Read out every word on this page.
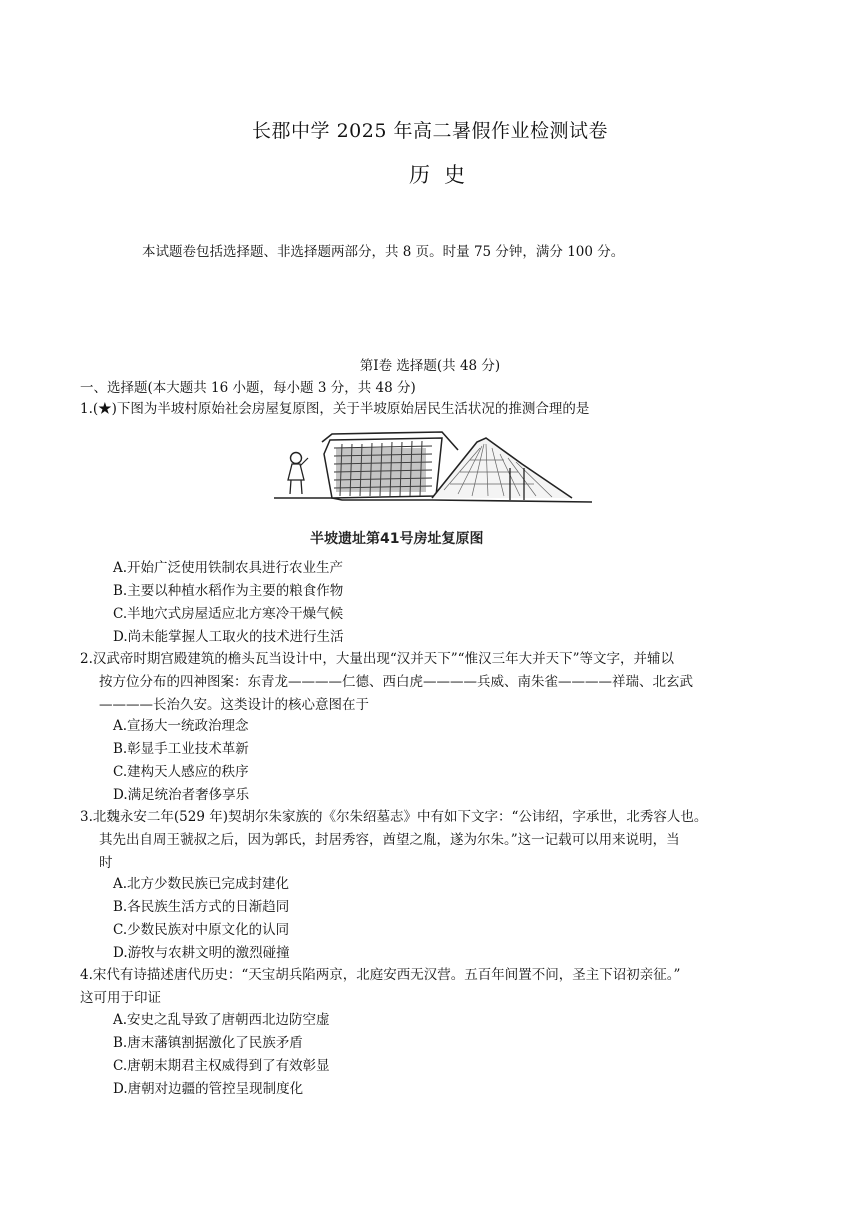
长郡中学 2025 年高二暑假作业检测试卷
历史
本试题卷包括选择题、非选择题两部分，共 8 页。时量 75 分钟，满分 100 分。
第Ⅰ卷 选择题(共 48 分)
一、选择题(本大题共 16 小题，每小题 3 分，共 48 分)

1.(★)下图为半坡村原始社会房屋复原图，关于半坡原始居民生活状况的推测合理的是

半坡遗址第41号房址复原图
A.开始广泛使用铁制农具进行农业生产
B.主要以种植水稻作为主要的粮食作物
C.半地穴式房屋适应北方寒冷干燥气候
D.尚未能掌握人工取火的技术进行生活

2.汉武帝时期宫殿建筑的檐头瓦当设计中，大量出现“汉并天下”“惟汉三年大并天下”等文字，并辅以
按方位分布的四神图案：东青龙————仁德、西白虎————兵威、南朱雀————祥瑞、北玄武
————长治久安。这类设计的核心意图在于

A.宣扬大一统政治理念
B.彰显手工业技术革新
C.建构天人感应的秩序
D.满足统治者奢侈享乐

3.北魏永安二年(529 年)契胡尔朱家族的《尔朱绍墓志》中有如下文字：“公讳绍，字承世，北秀容人也。
其先出自周王虢叔之后，因为郭氏，封居秀容，酋望之胤，遂为尔朱。”这一记载可以用来说明，当
时

A.北方少数民族已完成封建化
B.各民族生活方式的日渐趋同
C.少数民族对中原文化的认同
D.游牧与农耕文明的激烈碰撞

4.宋代有诗描述唐代历史：“天宝胡兵陷两京，北庭安西无汉营。五百年间置不问，圣主下诏初亲征。”
这可用于印证

A.安史之乱导致了唐朝西北边防空虚
B.唐末藩镇割据激化了民族矛盾
C.唐朝末期君主权威得到了有效彰显
D.唐朝对边疆的管控呈现制度化
